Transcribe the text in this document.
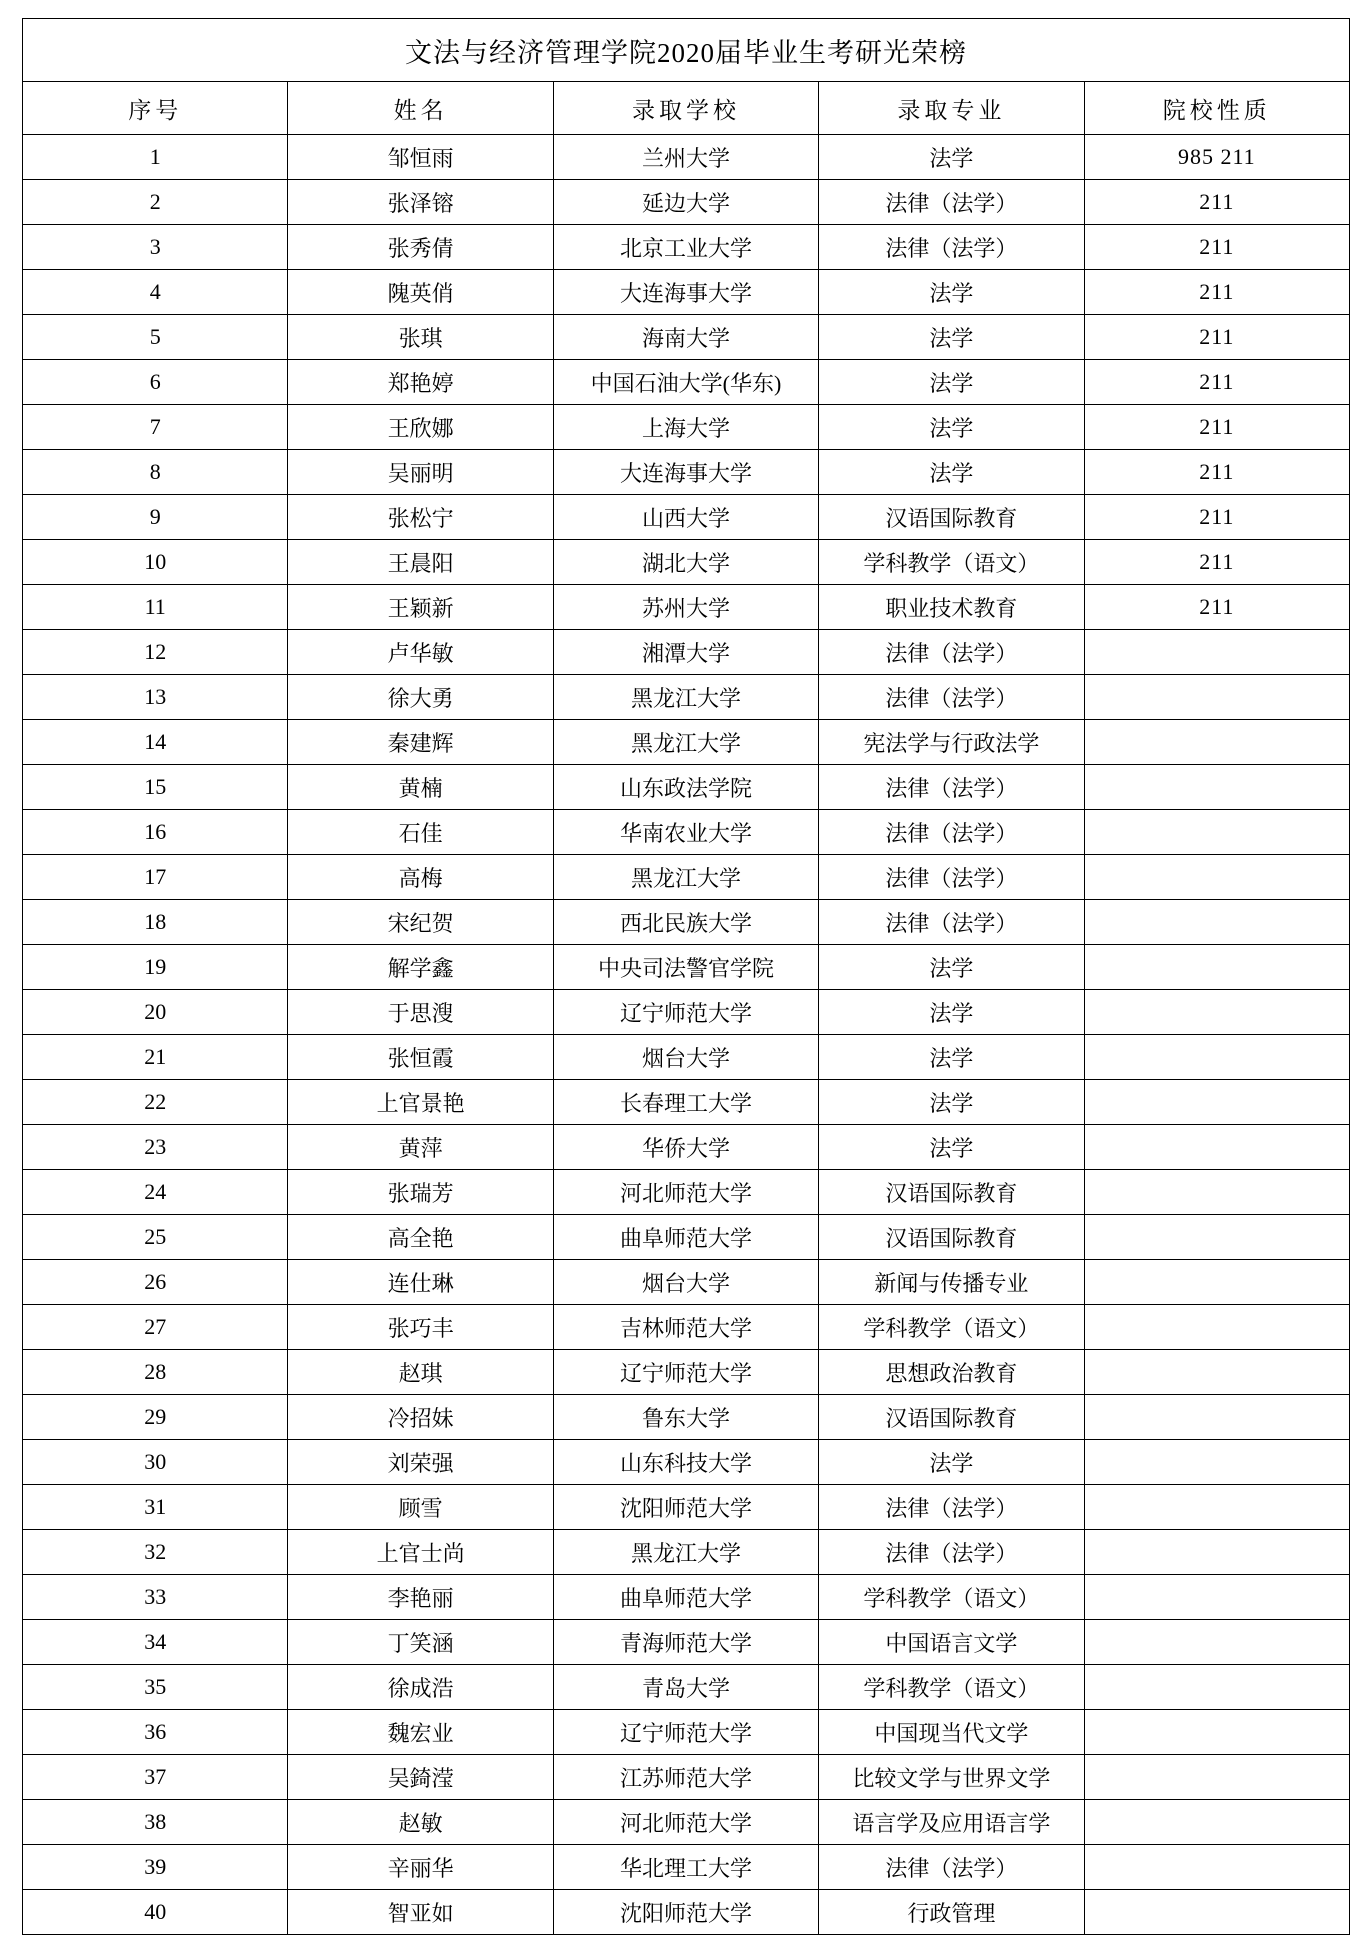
文法与经济管理学院2020届毕业生考研光荣榜				
序号	姓名	录取学校	录取专业	院校性质
1	邹恒雨	兰州大学	法学	985 211
2	张泽镕	延边大学	法律（法学）	211
3	张秀倩	北京工业大学	法律（法学）	211
4	隗英俏	大连海事大学	法学	211
5	张琪	海南大学	法学	211
6	郑艳婷	中国石油大学(华东)	法学	211
7	王欣娜	上海大学	法学	211
8	吴丽明	大连海事大学	法学	211
9	张松宁	山西大学	汉语国际教育	211
10	王晨阳	湖北大学	学科教学（语文）	211
11	王颖新	苏州大学	职业技术教育	211
12	卢华敏	湘潭大学	法律（法学）	
13	徐大勇	黑龙江大学	法律（法学）	
14	秦建辉	黑龙江大学	宪法学与行政法学	
15	黄楠	山东政法学院	法律（法学）	
16	石佳	华南农业大学	法律（法学）	
17	高梅	黑龙江大学	法律（法学）	
18	宋纪贺	西北民族大学	法律（法学）	
19	解学鑫	中央司法警官学院	法学	
20	于思溲	辽宁师范大学	法学	
21	张恒霞	烟台大学	法学	
22	上官景艳	长春理工大学	法学	
23	黄萍	华侨大学	法学	
24	张瑞芳	河北师范大学	汉语国际教育	
25	高全艳	曲阜师范大学	汉语国际教育	
26	连仕琳	烟台大学	新闻与传播专业	
27	张巧丰	吉林师范大学	学科教学（语文）	
28	赵琪	辽宁师范大学	思想政治教育	
29	冷招妹	鲁东大学	汉语国际教育	
30	刘荣强	山东科技大学	法学	
31	顾雪	沈阳师范大学	法律（法学）	
32	上官士尚	黑龙江大学	法律（法学）	
33	李艳丽	曲阜师范大学	学科教学（语文）	
34	丁笑涵	青海师范大学	中国语言文学	
35	徐成浩	青岛大学	学科教学（语文）	
36	魏宏业	辽宁师范大学	中国现当代文学	
37	吴錡滢	江苏师范大学	比较文学与世界文学	
38	赵敏	河北师范大学	语言学及应用语言学	
39	辛丽华	华北理工大学	法律（法学）	
40	智亚如	沈阳师范大学	行政管理	
